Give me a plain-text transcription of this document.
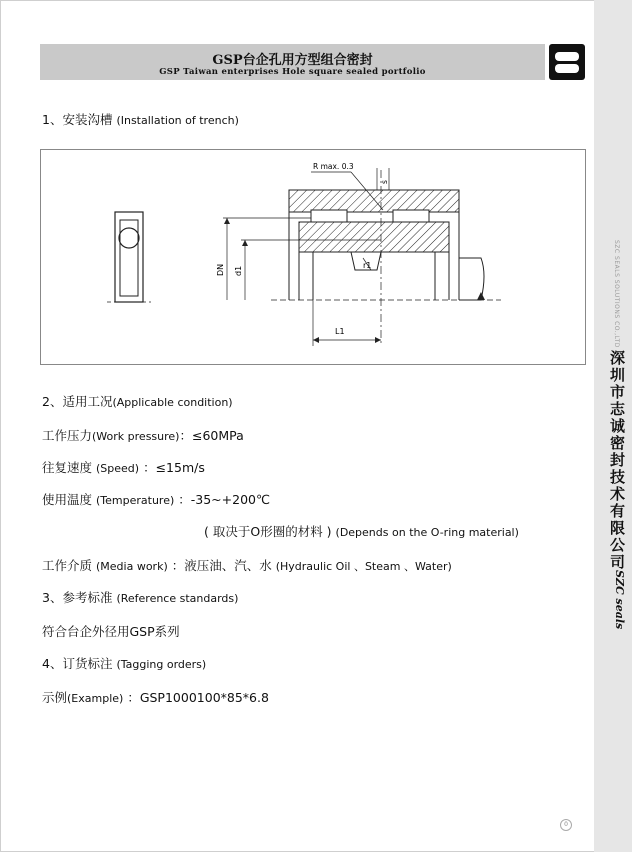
GSP台企孔用方型组合密封
GSP Taiwan enterprises Hole square sealed portfolio
1、安装沟槽 (Installation of trench)
R max. 0.3
s
DN d1
r1
L1
2、适用工况(Applicable condition)
工作压力(Work pressure)：≤60MPa
往复速度 (Speed) ：≤15m/s
使用温度 (Temperature) ：-35~+200℃
( 取决于O形圈的材料 ) (Depends on the O-ring material)
工作介质 (Media work) ：液压油、汽、水 (Hydraulic Oil 、Steam 、Water)
3、参考标准 (Reference standards)
符合台企外径用GSP系列
4、订货标注 (Tagging orders)
示例(Example) ：GSP1000100*85*6.8
SZC SEALS SOLUTIONS CO.,LTD
深圳市志诚密封技术有限公司
SZC seals
0
